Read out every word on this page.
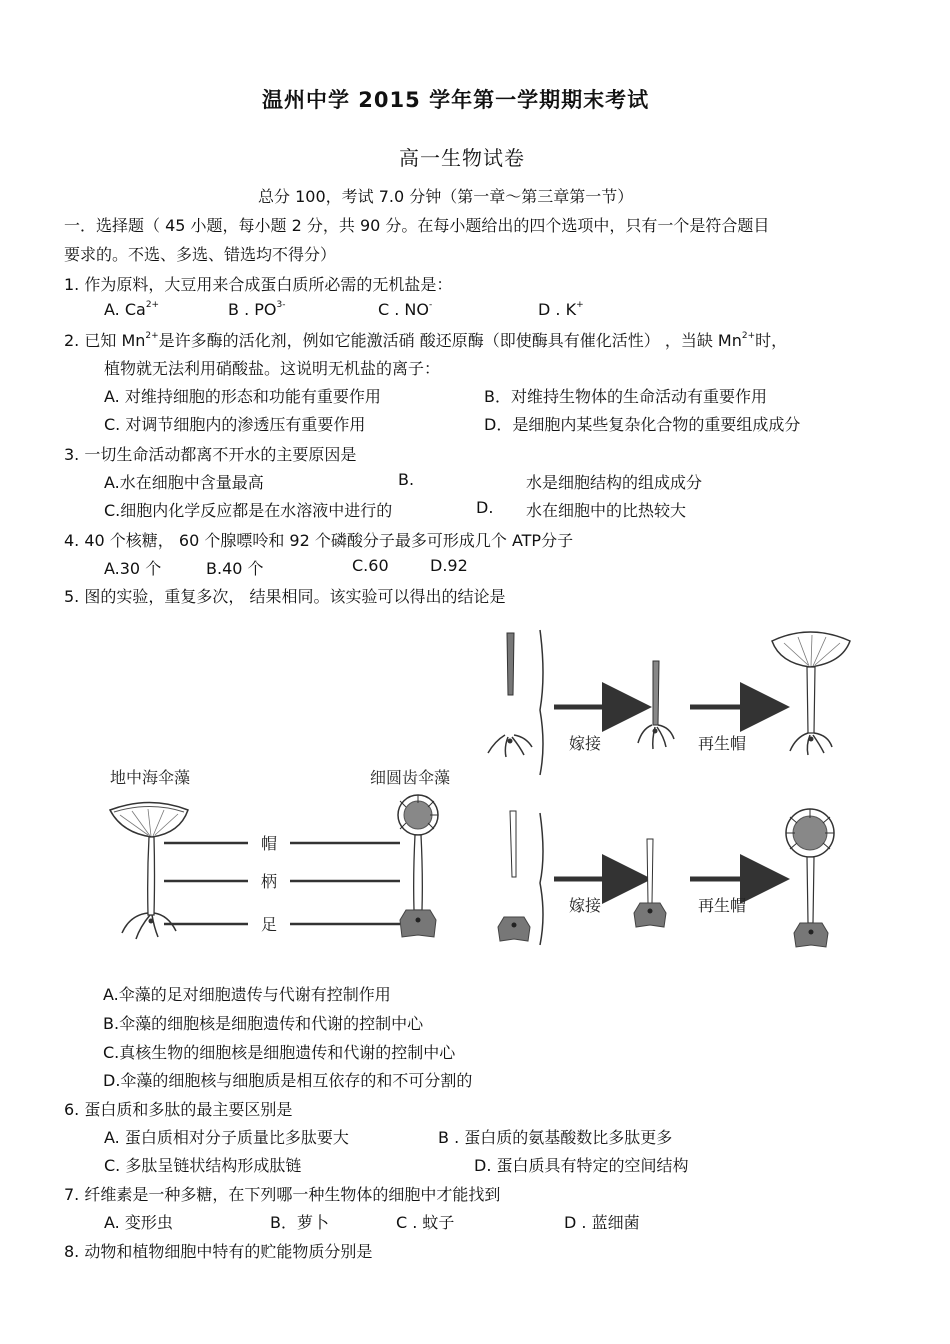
温州中学 2015 学年第一学期期末考试
高一生物试卷
总分 100，考试 7.0 分钟（第一章～第三章第一节）
一．选择题（ 45 小题，每小题 2 分，共 90 分。在每小题给出的四个选项中，只有一个是符合题目
要求的。不选、多选、错选均不得分）
1. 作为原料，大豆用来合成蛋白质所必需的无机盐是：
A. $Ca^{2+}$	B . $PO^{3-}$	C . NO-	D . K+
2. 已知 $Mn^{2+}$是许多酶的活化剂，例如它能激活硝 酸还原酶（即使酶具有催化活性） ，当缺 $Mn^{2+}$时，
植物就无法利用硝酸盐。这说明无机盐的离子：
A. 对维持细胞的形态和功能有重要作用	B．对维持生物体的生命活动有重要作用
C. 对调节细胞内的渗透压有重要作用	D．是细胞内某些复杂化合物的重要组成成分
3. 一切生命活动都离不开水的主要原因是
A.水在细胞中含量最高	B.	水是细胞结构的组成成分
C.细胞内化学反应都是在水溶液中进行的	D. 水在细胞中的比热较大
4. 40 个核糖， 60 个腺嘌呤和 92 个磷酸分子最多可形成几个 ATP分子
A.30 个	B.40 个	C.60	D.92
5. 图的实验，重复多次， 结果相同。该实验可以得出的结论是
地中海伞藻	细圆齿伞藻
帽
柄
足
嫁接	再生帽
嫁接	再生帽
A.伞藻的足对细胞遗传与代谢有控制作用
B.伞藻的细胞核是细胞遗传和代谢的控制中心
C.真核生物的细胞核是细胞遗传和代谢的控制中心
D.伞藻的细胞核与细胞质是相互依存的和不可分割的
6. 蛋白质和多肽的最主要区别是
A. 蛋白质相对分子质量比多肽要大	B . 蛋白质的氨基酸数比多肽更多
C. 多肽呈链状结构形成肽链	D. 蛋白质具有特定的空间结构
7. 纤维素是一种多糖，在下列哪一种生物体的细胞中才能找到
A. 变形虫	B．萝卜	C . 蚊子	D . 蓝细菌
8. 动物和植物细胞中特有的贮能物质分别是
